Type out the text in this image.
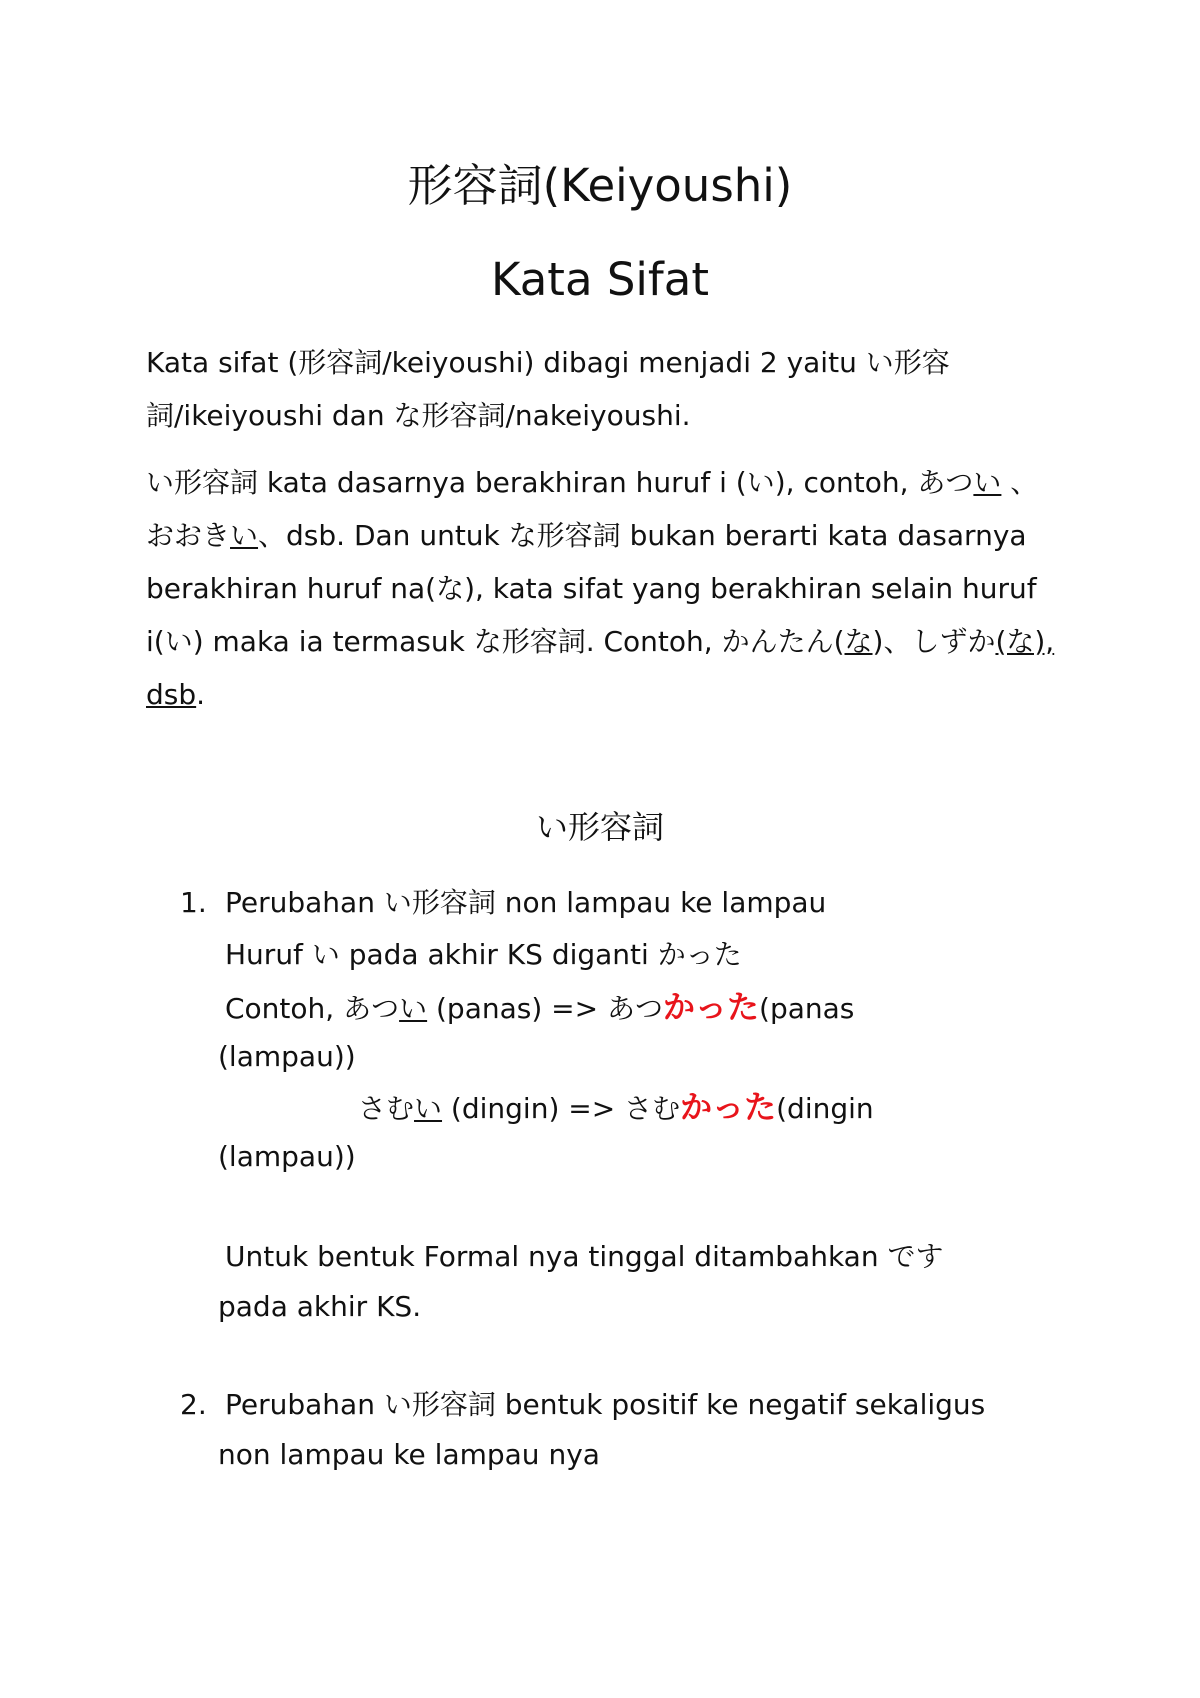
形容詞(Keiyoushi)
Kata Sifat

Kata sifat (形容詞/keiyoushi) dibagi menjadi 2 yaitu い形容詞/ikeiyoushi dan な形容詞/nakeiyoushi.

い形容詞 kata dasarnya berakhiran huruf i (い), contoh, あつい 、おおきい、dsb. Dan untuk な形容詞 bukan berarti kata dasarnya berakhiran huruf na(な), kata sifat yang berakhiran selain huruf i(い) maka ia termasuk な形容詞. Contoh, かんたん(な)、しずか(な), dsb.

い形容詞
1. Perubahan い形容詞 non lampau ke lampau
Huruf い pada akhir KS diganti かった
Contoh, あつい (panas) => あつかった(panas
(lampau))
さむい (dingin) => さむかった(dingin
(lampau))
Untuk bentuk Formal nya tinggal ditambahkan です
pada akhir KS.
2. Perubahan い形容詞 bentuk positif ke negatif sekaligus
non lampau ke lampau nya
